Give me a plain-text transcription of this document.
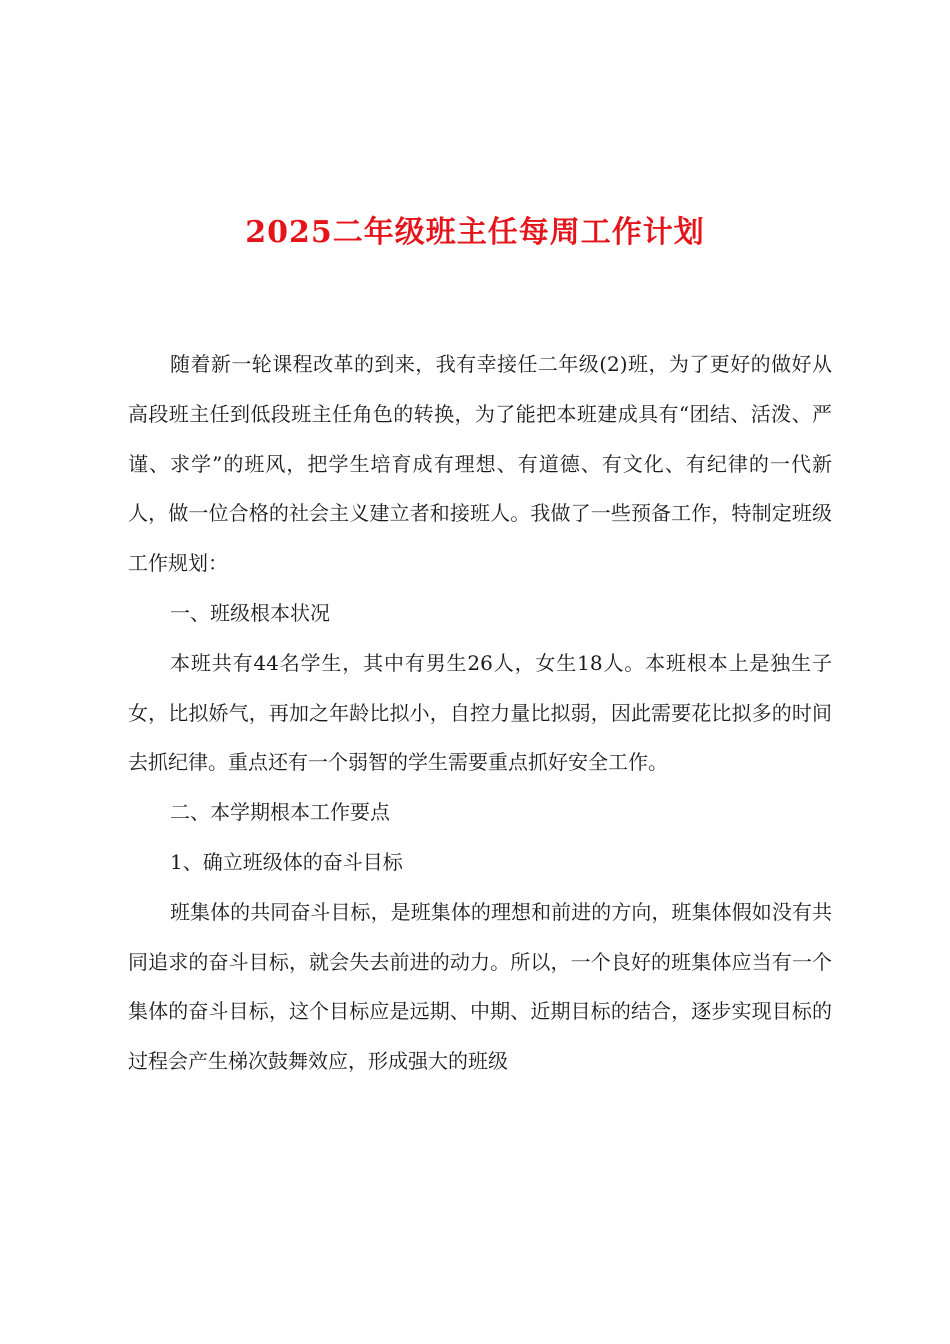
2025二年级班主任每周工作计划

随着新一轮课程改革的到来，我有幸接任二年级(2)班，为了更好的做好从高段班主任到低段班主任角色的转换，为了能把本班建成具有“团结、活泼、严谨、求学”的班风，把学生培育成有理想、有道德、有文化、有纪律的一代新人，做一位合格的社会主义建立者和接班人。我做了一些预备工作，特制定班级工作规划：

一、班级根本状况

本班共有44名学生，其中有男生26人，女生18人。本班根本上是独生子女，比拟娇气，再加之年龄比拟小，自控力量比拟弱，因此需要花比拟多的时间去抓纪律。重点还有一个弱智的学生需要重点抓好安全工作。

二、本学期根本工作要点

1、确立班级体的奋斗目标

班集体的共同奋斗目标，是班集体的理想和前进的方向，班集体假如没有共同追求的奋斗目标，就会失去前进的动力。所以，一个良好的班集体应当有一个集体的奋斗目标，这个目标应是远期、中期、近期目标的结合，逐步实现目标的过程会产生梯次鼓舞效应，形成强大的班级
